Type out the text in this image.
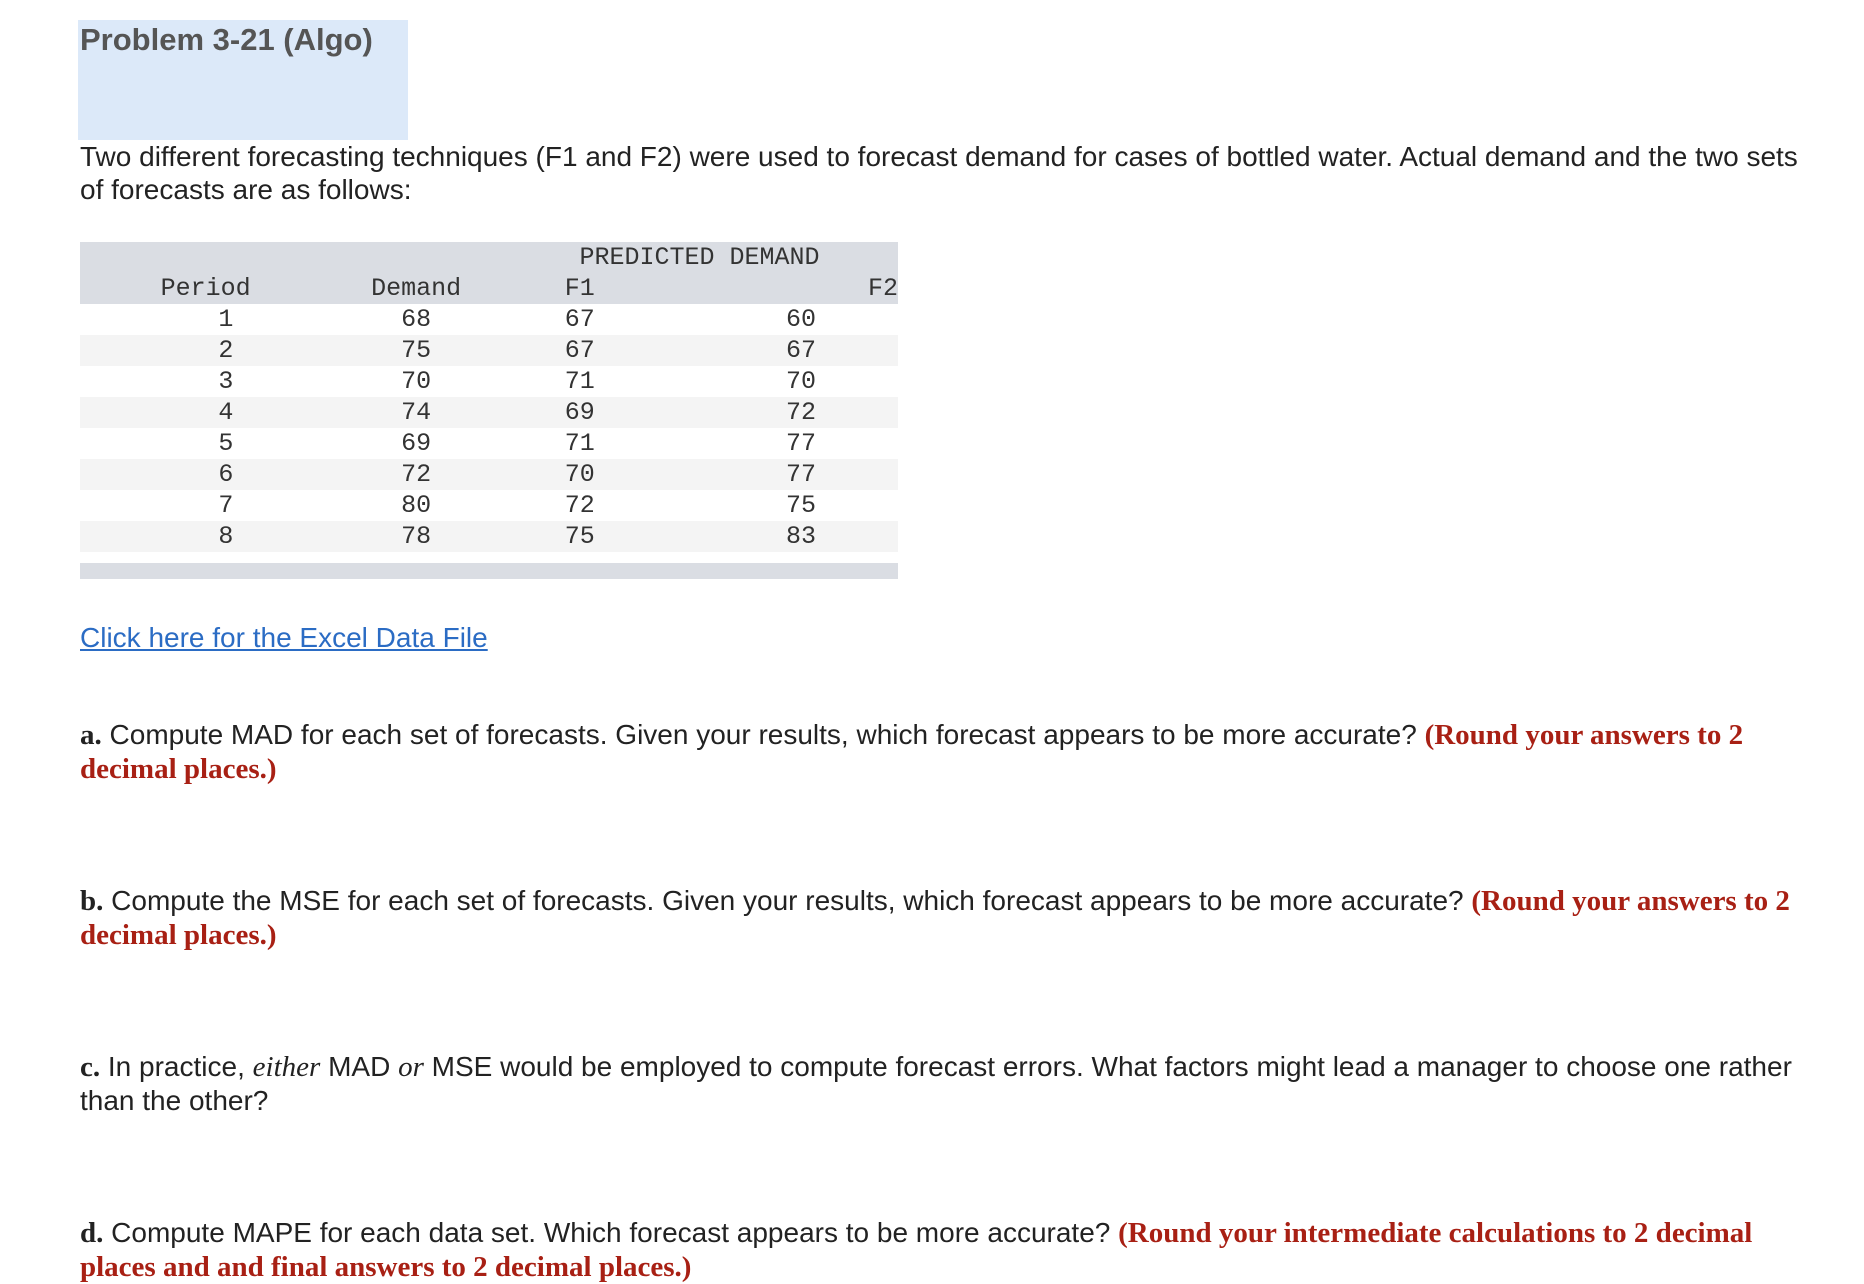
Problem 3-21 (Algo)
Two different forecasting techniques (F1 and F2) were used to forecast demand for cases of bottled water. Actual demand and the two sets of forecasts are as follows:
		PREDICTED DEMAND	
Period	Demand	F1	F2
1	68	67	60
2	75	67	67
3	70	71	70
4	74	69	72
5	69	71	77
6	72	70	77
7	80	72	75
8	78	75	83
Click here for the Excel Data File
a. Compute MAD for each set of forecasts. Given your results, which forecast appears to be more accurate? (Round your answers to 2 decimal places.)
b. Compute the MSE for each set of forecasts. Given your results, which forecast appears to be more accurate? (Round your answers to 2 decimal places.)
c. In practice, either MAD or MSE would be employed to compute forecast errors. What factors might lead a manager to choose one rather than the other?
d. Compute MAPE for each data set. Which forecast appears to be more accurate? (Round your intermediate calculations to 2 decimal places and and final answers to 2 decimal places.)
